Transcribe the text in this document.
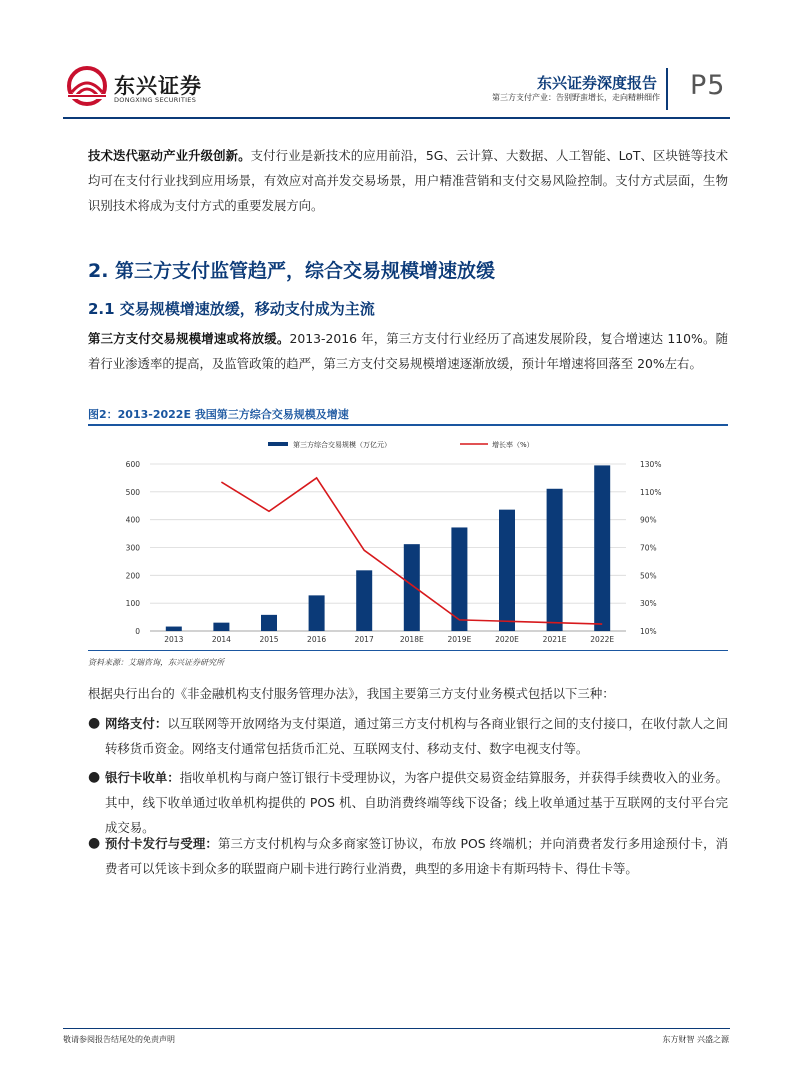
东兴证券
DONGXING SECURITIES
东兴证券深度报告
第三方支付产业：告别野蛮增长，走向精耕细作 P5
技术迭代驱动产业升级创新。支付行业是新技术的应用前沿，5G、云计算、大数据、人工智能、LoT、区块链等技术均可在支付行业找到应用场景，有效应对高并发交易场景，用户精准营销和支付交易风险控制。支付方式层面，生物识别技术将成为支付方式的重要发展方向。
2. 第三方支付监管趋严，综合交易规模增速放缓
2.1 交易规模增速放缓，移动支付成为主流
第三方支付交易规模增速或将放缓。2013-2016 年，第三方支付行业经历了高速发展阶段，复合增速达 110%。随着行业渗透率的提高，及监管政策的趋严，第三方支付交易规模增速逐渐放缓，预计年增速将回落至 20%左右。
图2：2013-2022E 我国第三方综合交易规模及增速
第三方综合交易规模（万亿元）	增长率（%）
0	10%
100	30%
200	50%
300	70%
400	90%
500	110%
600	130%
2013	2014	2015	2016	2017	2018E	2019E	2020E	2021E	2022E
资料来源：艾瑞咨询，东兴证券研究所
根据央行出台的《非金融机构支付服务管理办法》，我国主要第三方支付业务模式包括以下三种：
● 网络支付：以互联网等开放网络为支付渠道，通过第三方支付机构与各商业银行之间的支付接口，在收付款人之间转移货币资金。网络支付通常包括货币汇兑、互联网支付、移动支付、数字电视支付等。
● 银行卡收单：指收单机构与商户签订银行卡受理协议，为客户提供交易资金结算服务，并获得手续费收入的业务。其中，线下收单通过收单机构提供的 POS 机、自助消费终端等线下设备；线上收单通过基于互联网的支付平台完成交易。
● 预付卡发行与受理：第三方支付机构与众多商家签订协议，布放 POS 终端机；并向消费者发行多用途预付卡，消费者可以凭该卡到众多的联盟商户刷卡进行跨行业消费，典型的多用途卡有斯玛特卡、得仕卡等。
敬请参阅报告结尾处的免责声明	东方财智 兴盛之源
